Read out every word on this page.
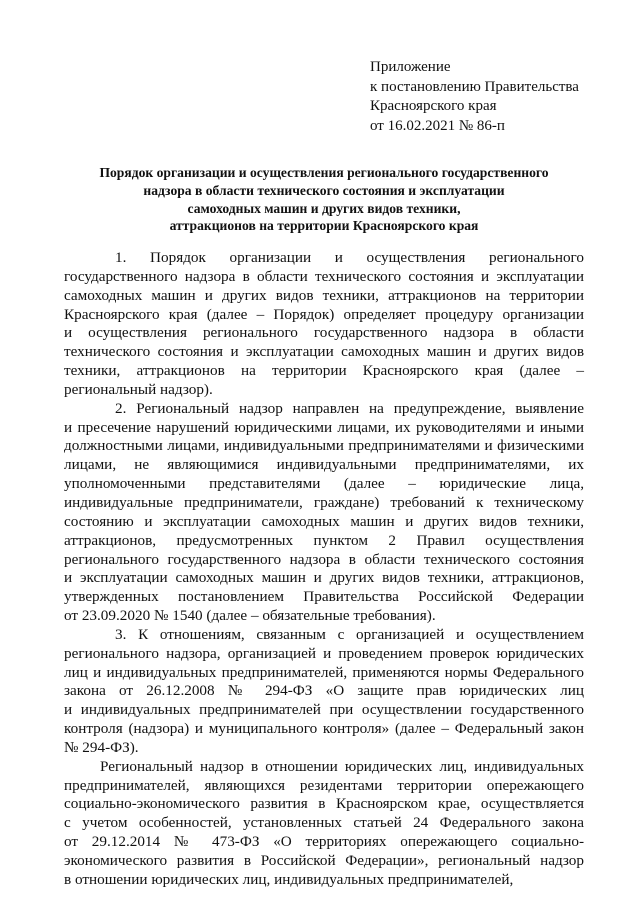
Приложение
к постановлению Правительства
Красноярского края
от 16.02.2021 № 86-п
Порядок организации и осуществления регионального государственного
надзора в области технического состояния и эксплуатации
самоходных машин и других видов техники,
аттракционов на территории Красноярского края
1. Порядок организации и осуществления регионального
государственного надзора в области технического состояния и эксплуатации
самоходных машин и других видов техники, аттракционов на территории
Красноярского края (далее – Порядок) определяет процедуру организации
и осуществления регионального государственного надзора в области
технического состояния и эксплуатации самоходных машин и других видов
техники, аттракционов на территории Красноярского края (далее –
региональный надзор).
2. Региональный надзор направлен на предупреждение, выявление
и пресечение нарушений юридическими лицами, их руководителями и иными
должностными лицами, индивидуальными предпринимателями и физическими
лицами, не являющимися индивидуальными предпринимателями, их
уполномоченными представителями (далее – юридические лица,
индивидуальные предприниматели, граждане) требований к техническому
состоянию и эксплуатации самоходных машин и других видов техники,
аттракционов, предусмотренных пунктом 2 Правил осуществления
регионального государственного надзора в области технического состояния
и эксплуатации самоходных машин и других видов техники, аттракционов,
утвержденных постановлением Правительства Российской Федерации
от 23.09.2020 № 1540 (далее – обязательные требования).
3. К отношениям, связанным с организацией и осуществлением
регионального надзора, организацией и проведением проверок юридических
лиц и индивидуальных предпринимателей, применяются нормы Федерального
закона от 26.12.2008 № 294-ФЗ «О защите прав юридических лиц
и индивидуальных предпринимателей при осуществлении государственного
контроля (надзора) и муниципального контроля» (далее – Федеральный закон
№ 294-ФЗ).
Региональный надзор в отношении юридических лиц, индивидуальных
предпринимателей, являющихся резидентами территории опережающего
социально-экономического развития в Красноярском крае, осуществляется
с учетом особенностей, установленных статьей 24 Федерального закона
от 29.12.2014 № 473-ФЗ «О территориях опережающего социально-
экономического развития в Российской Федерации», региональный надзор
в отношении юридических лиц, индивидуальных предпринимателей,
